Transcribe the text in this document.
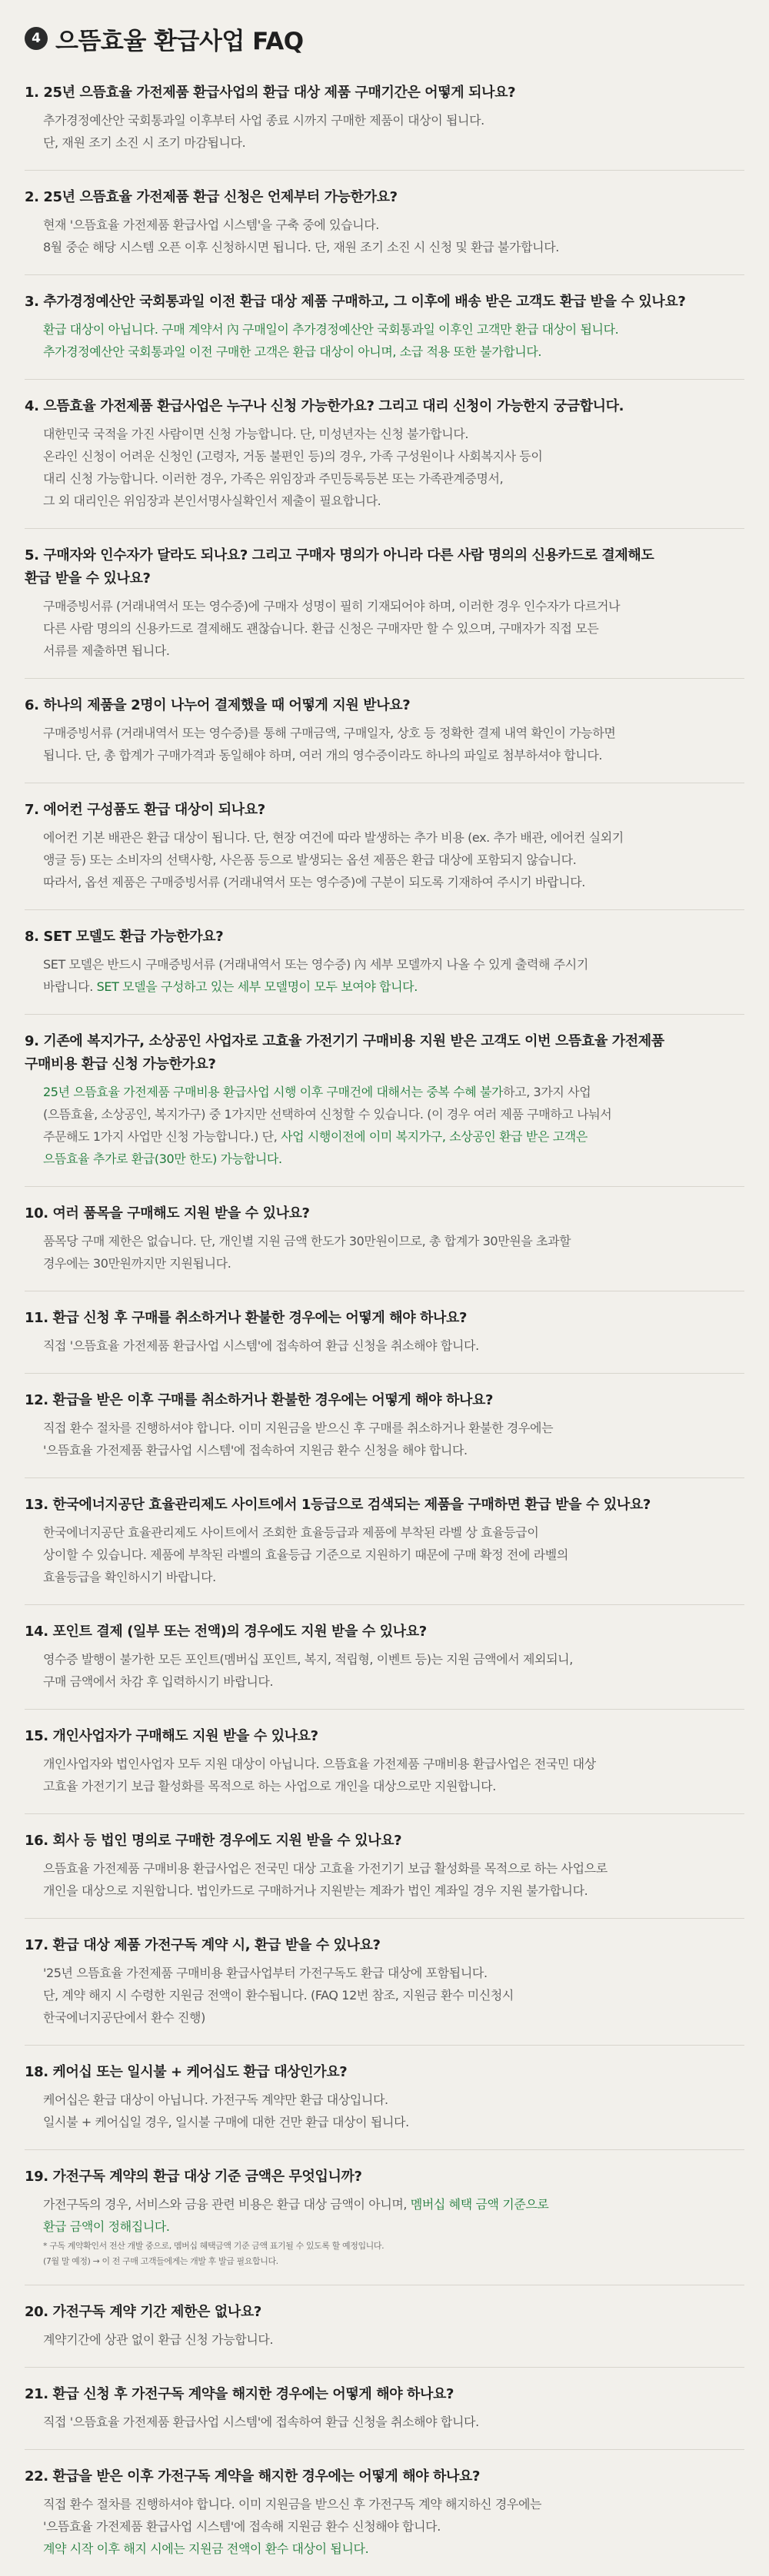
4 으뜸효율 환급사업 FAQ
1. 25년 으뜸효율 가전제품 환급사업의 환급 대상 제품 구매기간은 어떻게 되나요?
추가경정예산안 국회통과일 이후부터 사업 종료 시까지 구매한 제품이 대상이 됩니다.
단, 재원 조기 소진 시 조기 마감됩니다.
2. 25년 으뜸효율 가전제품 환급 신청은 언제부터 가능한가요?
현재 '으뜸효율 가전제품 환급사업 시스템'을 구축 중에 있습니다.
8월 중순 해당 시스템 오픈 이후 신청하시면 됩니다. 단, 재원 조기 소진 시 신청 및 환급 불가합니다.
3. 추가경정예산안 국회통과일 이전 환급 대상 제품 구매하고, 그 이후에 배송 받은 고객도 환급 받을 수 있나요?
환급 대상이 아닙니다. 구매 계약서 內 구매일이 추가경정예산안 국회통과일 이후인 고객만 환급 대상이 됩니다.
추가경정예산안 국회통과일 이전 구매한 고객은 환급 대상이 아니며, 소급 적용 또한 불가합니다.
4. 으뜸효율 가전제품 환급사업은 누구나 신청 가능한가요? 그리고 대리 신청이 가능한지 궁금합니다.
대한민국 국적을 가진 사람이면 신청 가능합니다. 단, 미성년자는 신청 불가합니다.
온라인 신청이 어려운 신청인 (고령자, 거동 불편인 등)의 경우, 가족 구성원이나 사회복지사 등이
대리 신청 가능합니다. 이러한 경우, 가족은 위임장과 주민등록등본 또는 가족관계증명서,
그 외 대리인은 위임장과 본인서명사실확인서 제출이 필요합니다.
5. 구매자와 인수자가 달라도 되나요? 그리고 구매자 명의가 아니라 다른 사람 명의의 신용카드로 결제해도
환급 받을 수 있나요?
구매증빙서류 (거래내역서 또는 영수증)에 구매자 성명이 필히 기재되어야 하며, 이러한 경우 인수자가 다르거나
다른 사람 명의의 신용카드로 결제해도 괜찮습니다. 환급 신청은 구매자만 할 수 있으며, 구매자가 직접 모든
서류를 제출하면 됩니다.
6. 하나의 제품을 2명이 나누어 결제했을 때 어떻게 지원 받나요?
구매증빙서류 (거래내역서 또는 영수증)를 통해 구매금액, 구매일자, 상호 등 정확한 결제 내역 확인이 가능하면
됩니다. 단, 총 합계가 구매가격과 동일해야 하며, 여러 개의 영수증이라도 하나의 파일로 첨부하셔야 합니다.
7. 에어컨 구성품도 환급 대상이 되나요?
에어컨 기본 배관은 환급 대상이 됩니다. 단, 현장 여건에 따라 발생하는 추가 비용 (ex. 추가 배관, 에어컨 실외기
앵글 등) 또는 소비자의 선택사항, 사은품 등으로 발생되는 옵션 제품은 환급 대상에 포함되지 않습니다.
따라서, 옵션 제품은 구매증빙서류 (거래내역서 또는 영수증)에 구분이 되도록 기재하여 주시기 바랍니다.
8. SET 모델도 환급 가능한가요?
SET 모델은 반드시 구매증빙서류 (거래내역서 또는 영수증) 內 세부 모델까지 나올 수 있게 출력해 주시기
바랍니다. SET 모델을 구성하고 있는 세부 모델명이 모두 보여야 합니다.
9. 기존에 복지가구, 소상공인 사업자로 고효율 가전기기 구매비용 지원 받은 고객도 이번 으뜸효율 가전제품
구매비용 환급 신청 가능한가요?
25년 으뜸효율 가전제품 구매비용 환급사업 시행 이후 구매건에 대해서는 중복 수혜 불가하고, 3가지 사업
(으뜸효율, 소상공인, 복지가구) 중 1가지만 선택하여 신청할 수 있습니다. (이 경우 여러 제품 구매하고 나눠서
주문해도 1가지 사업만 신청 가능합니다.) 단, 사업 시행이전에 이미 복지가구, 소상공인 환급 받은 고객은
으뜸효율 추가로 환급(30만 한도) 가능합니다.
10. 여러 품목을 구매해도 지원 받을 수 있나요?
품목당 구매 제한은 없습니다. 단, 개인별 지원 금액 한도가 30만원이므로, 총 합계가 30만원을 초과할
경우에는 30만원까지만 지원됩니다.
11. 환급 신청 후 구매를 취소하거나 환불한 경우에는 어떻게 해야 하나요?
직접 '으뜸효율 가전제품 환급사업 시스템'에 접속하여 환급 신청을 취소해야 합니다.
12. 환급을 받은 이후 구매를 취소하거나 환불한 경우에는 어떻게 해야 하나요?
직접 환수 절차를 진행하셔야 합니다. 이미 지원금을 받으신 후 구매를 취소하거나 환불한 경우에는
'으뜸효율 가전제품 환급사업 시스템'에 접속하여 지원금 환수 신청을 해야 합니다.
13. 한국에너지공단 효율관리제도 사이트에서 1등급으로 검색되는 제품을 구매하면 환급 받을 수 있나요?
한국에너지공단 효율관리제도 사이트에서 조회한 효율등급과 제품에 부착된 라벨 상 효율등급이
상이할 수 있습니다. 제품에 부착된 라벨의 효율등급 기준으로 지원하기 때문에 구매 확정 전에 라벨의
효율등급을 확인하시기 바랍니다.
14. 포인트 결제 (일부 또는 전액)의 경우에도 지원 받을 수 있나요?
영수증 발행이 불가한 모든 포인트(멤버십 포인트, 복지, 적립형, 이벤트 등)는 지원 금액에서 제외되니,
구매 금액에서 차감 후 입력하시기 바랍니다.
15. 개인사업자가 구매해도 지원 받을 수 있나요?
개인사업자와 법인사업자 모두 지원 대상이 아닙니다. 으뜸효율 가전제품 구매비용 환급사업은 전국민 대상
고효율 가전기기 보급 활성화를 목적으로 하는 사업으로 개인을 대상으로만 지원합니다.
16. 회사 등 법인 명의로 구매한 경우에도 지원 받을 수 있나요?
으뜸효율 가전제품 구매비용 환급사업은 전국민 대상 고효율 가전기기 보급 활성화를 목적으로 하는 사업으로
개인을 대상으로 지원합니다. 법인카드로 구매하거나 지원받는 계좌가 법인 계좌일 경우 지원 불가합니다.
17. 환급 대상 제품 가전구독 계약 시, 환급 받을 수 있나요?
'25년 으뜸효율 가전제품 구매비용 환급사업부터 가전구독도 환급 대상에 포함됩니다.
단, 계약 해지 시 수령한 지원금 전액이 환수됩니다. (FAQ 12번 참조, 지원금 환수 미신청시
한국에너지공단에서 환수 진행)
18. 케어십 또는 일시불 + 케어십도 환급 대상인가요?
케어십은 환급 대상이 아닙니다. 가전구독 계약만 환급 대상입니다.
일시불 + 케어십일 경우, 일시불 구매에 대한 건만 환급 대상이 됩니다.
19. 가전구독 계약의 환급 대상 기준 금액은 무엇입니까?
가전구독의 경우, 서비스와 금융 관련 비용은 환급 대상 금액이 아니며, 멤버십 혜택 금액 기준으로
환급 금액이 정해집니다.
* 구독 계약확인서 전산 개발 중으로, 멤버십 혜택금액 기준 금액 표기될 수 있도록 할 예정입니다.
(7월 말 예정) → 이 전 구매 고객들에게는 개발 후 발급 필요합니다.
20. 가전구독 계약 기간 제한은 없나요?
계약기간에 상관 없이 환급 신청 가능합니다.
21. 환급 신청 후 가전구독 계약을 해지한 경우에는 어떻게 해야 하나요?
직접 '으뜸효율 가전제품 환급사업 시스템'에 접속하여 환급 신청을 취소해야 합니다.
22. 환급을 받은 이후 가전구독 계약을 해지한 경우에는 어떻게 해야 하나요?
직접 환수 절차를 진행하셔야 합니다. 이미 지원금을 받으신 후 가전구독 계약 해지하신 경우에는
'으뜸효율 가전제품 환급사업 시스템'에 접속해 지원금 환수 신청해야 합니다.
계약 시작 이후 해지 시에는 지원금 전액이 환수 대상이 됩니다.
